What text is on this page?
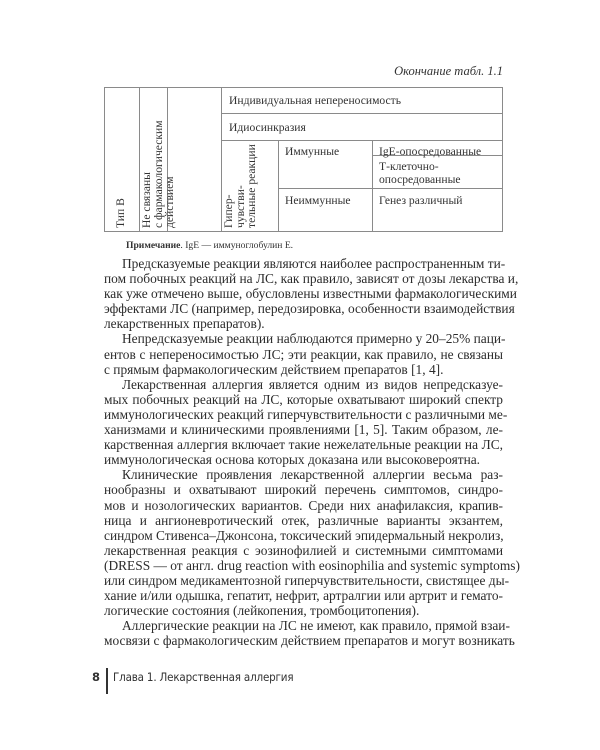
Окончание табл. 1.1
Тип В Не связаны
с фармакологическим
действием
Индивидуальная непереносимость
Идиосинкразия
Гипер-
чувстви-
тельные реакции Иммунные	IgE-опосредованные
Т-клеточно-
опосредованные
Неиммунные Генез различный
Примечание. IgE — иммуноглобулин Е.
Предсказуемые реакции являются наиболее распространенным ти-
пом побочных реакций на ЛС, как правило, зависят от дозы лекарства и,
как уже отмечено выше, обусловлены известными фармакологическими
эффектами ЛС (например, передозировка, особенности взаимодействия
лекарственных препаратов).
Непредсказуемые реакции наблюдаются примерно у 20–25% паци-
ентов с непереносимостью ЛС; эти реакции, как правило, не связаны
с прямым фармакологическим действием препаратов [1, 4].
Лекарственная аллергия является одним из видов непредсказуе-
мых побочных реакций на ЛС, которые охватывают широкий спектр
иммунологических реакций гиперчувствительности с различными ме-
ханизмами и клиническими проявлениями [1, 5]. Таким образом, ле-
карственная аллергия включает такие нежелательные реакции на ЛС,
иммунологическая основа которых доказана или высоковероятна.
Клинические проявления лекарственной аллергии весьма раз-
нообразны и охватывают широкий перечень симптомов, синдро-
мов и нозологических вариантов. Среди них анафилаксия, крапив-
ница и ангионевротический отек, различные варианты экзантем,
синдром Стивенса–Джонсона, токсический эпидермальный некролиз,
лекарственная реакция с эозинофилией и системными симптомами
(DRESS — от англ. drug reaction with eosinophilia and systemic symptoms)
или синдром медикаментозной гиперчувствительности, свистящее ды-
хание и/или одышка, гепатит, нефрит, артралгии или артрит и гемато-
логические состояния (лейкопения, тромбоцитопения).
Аллергические реакции на ЛС не имеют, как правило, прямой взаи-
мосвязи с фармакологическим действием препаратов и могут возникать
8 Глава 1. Лекарственная аллергия
